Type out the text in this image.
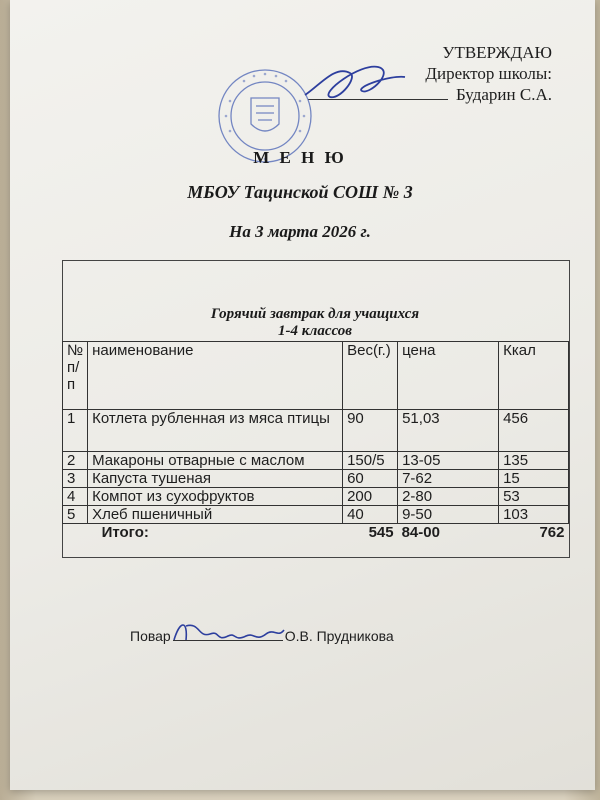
УТВЕРЖДАЮ
Директор школы:
Бударин С.А.
М Е Н Ю
МБОУ Тацинской СОШ № 3
На 3 марта 2026 г.
Горячий завтрак для учащихся
1-4 классов
№ п/п	наименование	Вес(г.)	цена	Ккал
1	Котлета рубленная из мяса птицы	90	51,03	456
2	Макароны отварные с маслом	150/5	13-05	135
3	Капуста тушеная	60	7-62	15
4	Компот из сухофруктов	200	2-80	53
5	Хлеб пшеничный	40	9-50	103
	Итого:	545	84-00	762
Повар	О.В. Прудникова
